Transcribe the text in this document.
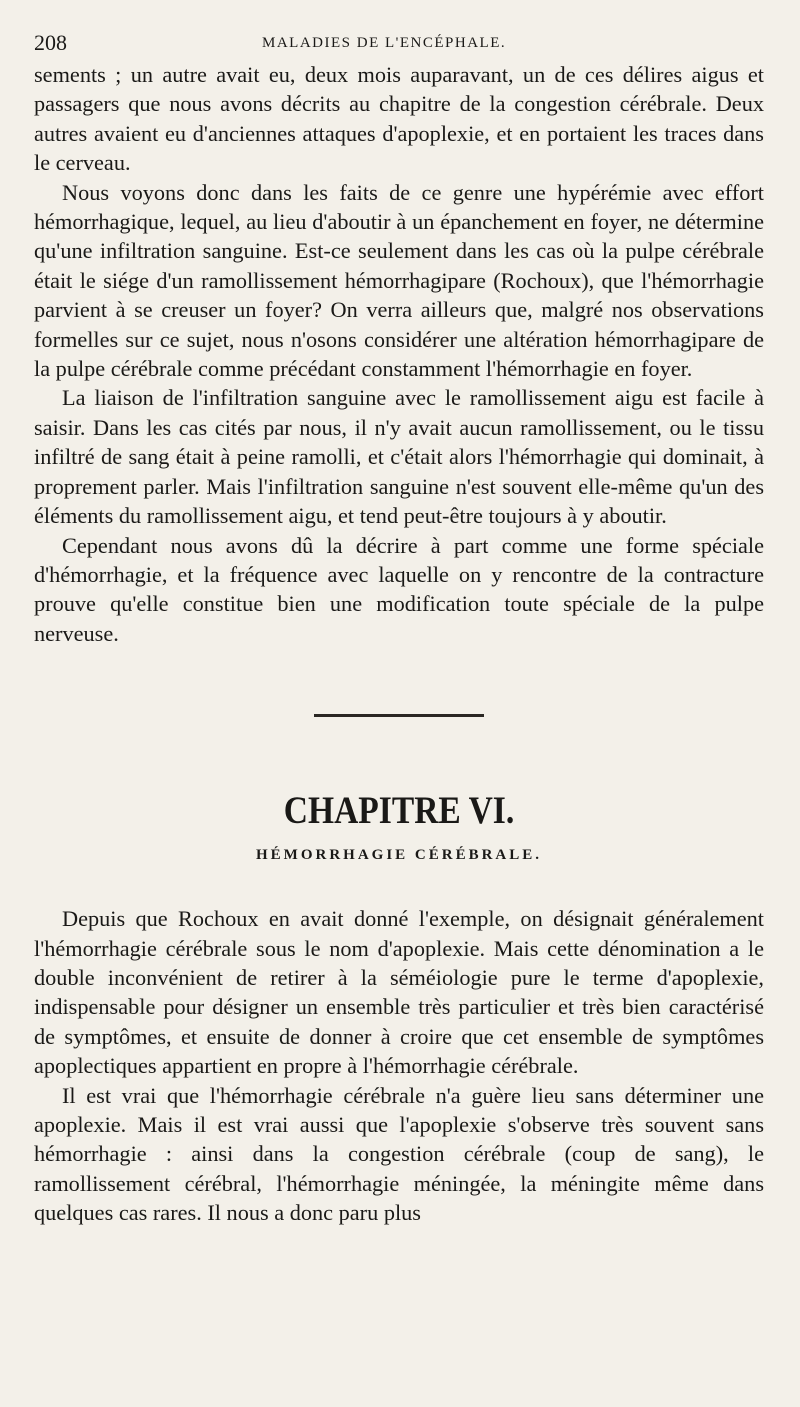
208	MALADIES DE L'ENCÉPHALE.

sements ; un autre avait eu, deux mois auparavant, un de ces délires aigus et passagers que nous avons décrits au chapitre de la congestion cérébrale. Deux autres avaient eu d'anciennes attaques d'apoplexie, et en portaient les traces dans le cerveau.

Nous voyons donc dans les faits de ce genre une hypérémie avec effort hémorrhagique, lequel, au lieu d'aboutir à un épanchement en foyer, ne détermine qu'une infiltration sanguine. Est-ce seulement dans les cas où la pulpe cérébrale était le siége d'un ramollissement hémorrhagipare (Rochoux), que l'hémorrhagie parvient à se creuser un foyer? On verra ailleurs que, malgré nos observations formelles sur ce sujet, nous n'osons considérer une altération hémorrhagipare de la pulpe cérébrale comme précédant constamment l'hémorrhagie en foyer.

La liaison de l'infiltration sanguine avec le ramollissement aigu est facile à saisir. Dans les cas cités par nous, il n'y avait aucun ramollissement, ou le tissu infiltré de sang était à peine ramolli, et c'était alors l'hémorrhagie qui dominait, à proprement parler. Mais l'infiltration sanguine n'est souvent elle-même qu'un des éléments du ramollissement aigu, et tend peut-être toujours à y aboutir.

Cependant nous avons dû la décrire à part comme une forme spéciale d'hémorrhagie, et la fréquence avec laquelle on y rencontre de la contracture prouve qu'elle constitue bien une modification toute spéciale de la pulpe nerveuse.

CHAPITRE VI.
HÉMORRHAGIE CÉRÉBRALE.

Depuis que Rochoux en avait donné l'exemple, on désignait généralement l'hémorrhagie cérébrale sous le nom d'apoplexie. Mais cette dénomination a le double inconvénient de retirer à la séméiologie pure le terme d'apoplexie, indispensable pour désigner un ensemble très particulier et très bien caractérisé de symptômes, et ensuite de donner à croire que cet ensemble de symptômes apoplectiques appartient en propre à l'hémorrhagie cérébrale.

Il est vrai que l'hémorrhagie cérébrale n'a guère lieu sans déterminer une apoplexie. Mais il est vrai aussi que l'apoplexie s'observe très souvent sans hémorrhagie : ainsi dans la congestion cérébrale (coup de sang), le ramollissement cérébral, l'hémorrhagie méningée, la méningite même dans quelques cas rares. Il nous a donc paru plus
